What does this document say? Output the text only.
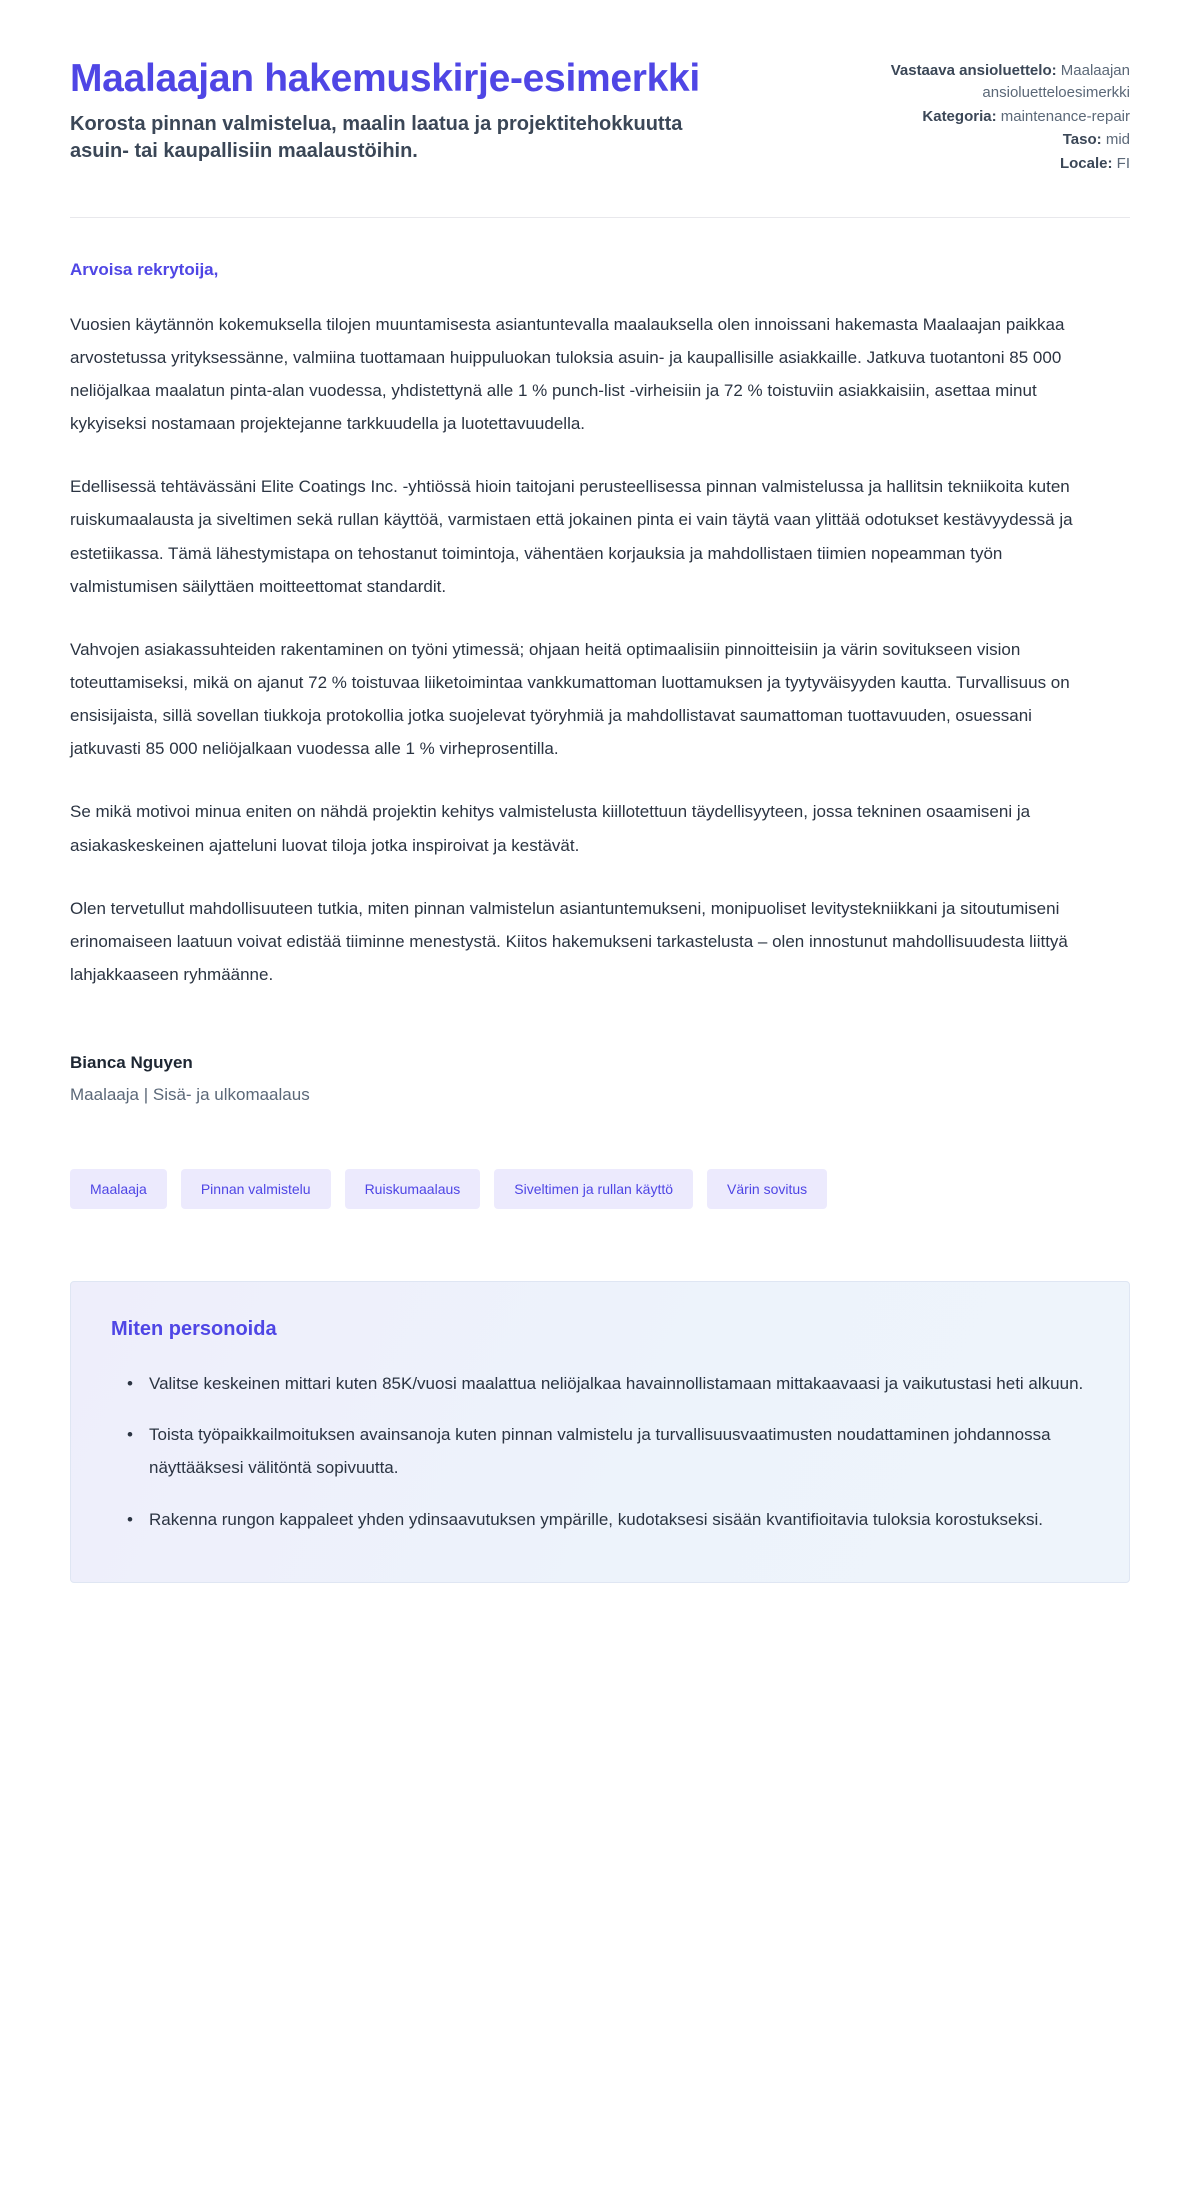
Maalaajan hakemuskirje-esimerkki

Korosta pinnan valmistelua, maalin laatua ja projektitehokkuutta asuin- tai kaupallisiin maalaustöihin.

Vastaava ansioluettelo: Maalaajan ansioluetteloesimerkki
Kategoria: maintenance-repair
Taso: mid
Locale: FI

Arvoisa rekrytoija,

Vuosien käytännön kokemuksella tilojen muuntamisesta asiantuntevalla maalauksella olen innoissani hakemasta Maalaajan paikkaa arvostetussa yrityksessänne, valmiina tuottamaan huippuluokan tuloksia asuin- ja kaupallisille asiakkaille. Jatkuva tuotantoni 85 000 neliöjalkaa maalatun pinta-alan vuodessa, yhdistettynä alle 1 % punch-list -virheisiin ja 72 % toistuviin asiakkaisiin, asettaa minut kykyiseksi nostamaan projektejanne tarkkuudella ja luotettavuudella.

Edellisessä tehtävässäni Elite Coatings Inc. -yhtiössä hioin taitojani perusteellisessa pinnan valmistelussa ja hallitsin tekniikoita kuten ruiskumaalausta ja siveltimen sekä rullan käyttöä, varmistaen että jokainen pinta ei vain täytä vaan ylittää odotukset kestävyydessä ja estetiikassa. Tämä lähestymistapa on tehostanut toimintoja, vähentäen korjauksia ja mahdollistaen tiimien nopeamman työn valmistumisen säilyttäen moitteettomat standardit.

Vahvojen asiakassuhteiden rakentaminen on työni ytimessä; ohjaan heitä optimaalisiin pinnoitteisiin ja värin sovitukseen vision toteuttamiseksi, mikä on ajanut 72 % toistuvaa liiketoimintaa vankkumattoman luottamuksen ja tyytyväisyyden kautta. Turvallisuus on ensisijaista, sillä sovellan tiukkoja protokollia jotka suojelevat työryhmiä ja mahdollistavat saumattoman tuottavuuden, osuessani jatkuvasti 85 000 neliöjalkaan vuodessa alle 1 % virheprosentilla.

Se mikä motivoi minua eniten on nähdä projektin kehitys valmistelusta kiillotettuun täydellisyyteen, jossa tekninen osaamiseni ja asiakaskeskeinen ajatteluni luovat tiloja jotka inspiroivat ja kestävät.

Olen tervetullut mahdollisuuteen tutkia, miten pinnan valmistelun asiantuntemukseni, monipuoliset levitystekniikkani ja sitoutumiseni erinomaiseen laatuun voivat edistää tiiminne menestystä. Kiitos hakemukseni tarkastelusta – olen innostunut mahdollisuudesta liittyä lahjakkaaseen ryhmäänne.

Bianca Nguyen

Maalaaja | Sisä- ja ulkomaalaus

Maalaaja	Pinnan valmistelu	Ruiskumaalaus	Siveltimen ja rullan käyttö	Värin sovitus
Miten personoida
• Valitse keskeinen mittari kuten 85K/vuosi maalattua neliöjalkaa havainnollistamaan mittakaavaasi ja vaikutustasi heti alkuun.
• Toista työpaikkailmoituksen avainsanoja kuten pinnan valmistelu ja turvallisuusvaatimusten noudattaminen johdannossa näyttääksesi välitöntä sopivuutta.
• Rakenna rungon kappaleet yhden ydinsaavutuksen ympärille, kudotaksesi sisään kvantifioitavia tuloksia korostukseksi.
